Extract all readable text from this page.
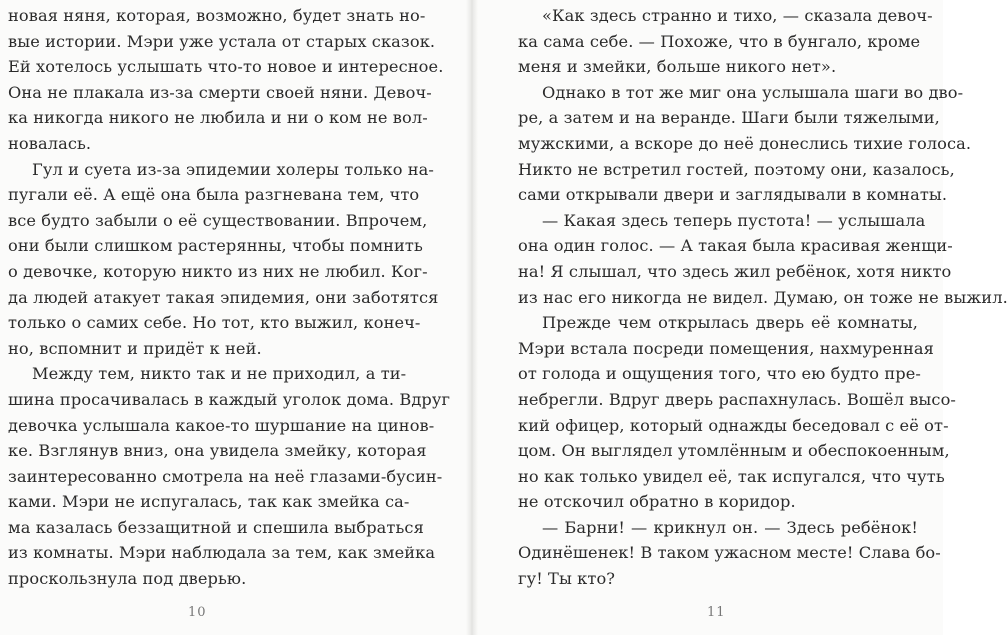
новая няня, которая, возможно, будет знать но-
вые истории. Мэри уже устала от старых сказок.
Ей хотелось услышать что-то новое и интересное.
Она не плакала из-за смерти своей няни. Девоч-
ка никогда никого не любила и ни о ком не вол-
новалась.
Гул и суета из-за эпидемии холеры только на-
пугали её. А ещё она была разгневана тем, что
все будто забыли о её существовании. Впрочем,
они были слишком растерянны, чтобы помнить
о девочке, которую никто из них не любил. Ког-
да людей атакует такая эпидемия, они заботятся
только о самих себе. Но тот, кто выжил, конеч-
но, вспомнит и придёт к ней.
Между тем, никто так и не приходил, а ти-
шина просачивалась в каждый уголок дома. Вдруг
девочка услышала какое-то шуршание на цинов-
ке. Взглянув вниз, она увидела змейку, которая
заинтересованно смотрела на неё глазами-бусин-
ками. Мэри не испугалась, так как змейка са-
ма казалась беззащитной и спешила выбраться
из комнаты. Мэри наблюдала за тем, как змейка
проскользнула под дверью.
10
«Как здесь странно и тихо, — сказала девоч-
ка сама себе. — Похоже, что в бунгало, кроме
меня и змейки, больше никого нет».
Однако в тот же миг она услышала шаги во дво-
ре, а затем и на веранде. Шаги были тяжелыми,
мужскими, а вскоре до неё донеслись тихие голоса.
Никто не встретил гостей, поэтому они, казалось,
сами открывали двери и заглядывали в комнаты.
— Какая здесь теперь пустота! — услышала
она один голос. — А такая была красивая женщи-
на! Я слышал, что здесь жил ребёнок, хотя никто
из нас его никогда не видел. Думаю, он тоже не выжил.
Прежде чем открылась дверь её комнаты,
Мэри встала посреди помещения, нахмуренная
от голода и ощущения того, что ею будто пре-
небрегли. Вдруг дверь распахнулась. Вошёл высо-
кий офицер, который однажды беседовал с её от-
цом. Он выглядел утомлённым и обеспокоенным,
но как только увидел её, так испугался, что чуть
не отскочил обратно в коридор.
— Барни! — крикнул он. — Здесь ребёнок!
Одинёшенек! В таком ужасном месте! Слава бо-
гу! Ты кто?
11
